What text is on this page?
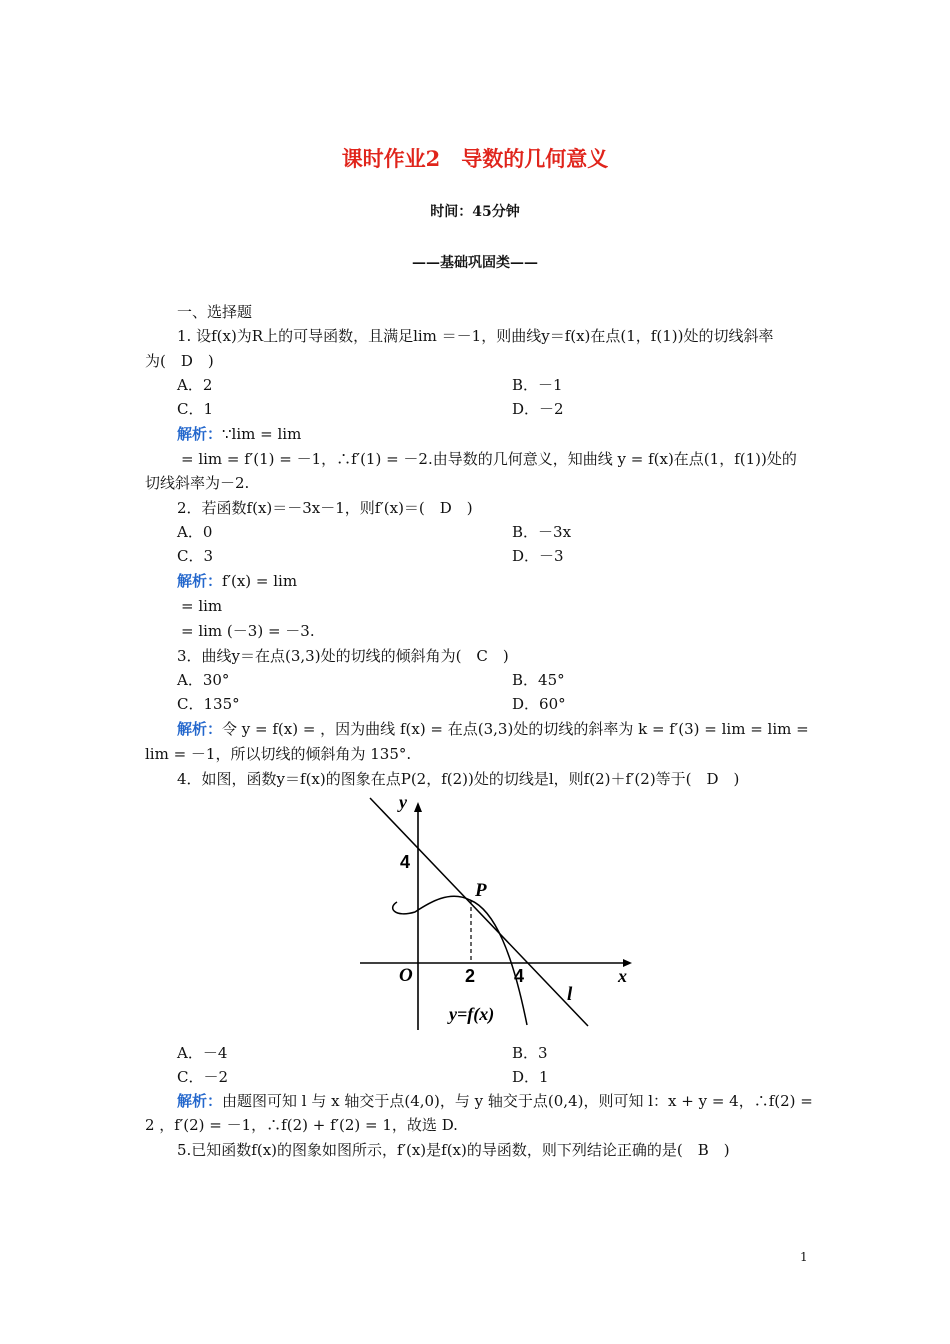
课时作业2　导数的几何意义
时间：45分钟
——基础巩固类——
一、选择题
1. 设f(x)为R上的可导函数，且满足lim ＝－1，则曲线y＝f(x)在点(1，f(1))处的切线斜率
为(　D　)
A．2	B．－1
C．1	D．－2
解析：∵lim = lim
= lim = f′(1) = －1，∴f′(1) = －2.由导数的几何意义，知曲线 y = f(x)在点(1，f(1))处的
切线斜率为－2.
2．若函数f(x)＝－3x－1，则f′(x)＝(　D　)
A．0	B．－3x
C．3	D．－3
解析：f′(x) = lim
= lim
= lim (－3) = －3.
3．曲线y＝在点(3,3)处的切线的倾斜角为(　C　)
A．30°	B．45°
C．135°	D．60°
解析：令 y = f(x) = ，因为曲线 f(x) = 在点(3,3)处的切线的斜率为 k = f′(3) = lim = lim =
lim = －1，所以切线的倾斜角为 135°.
4．如图，函数y＝f(x)的图象在点P(2，f(2))处的切线是l，则f(2)＋f′(2)等于(　D　)
y
x
O
4
2 4
P
l
y=f(x)
A．－4	B．3
C．－2	D．1
解析：由题图可知 l 与 x 轴交于点(4,0)，与 y 轴交于点(0,4)，则可知 l：x + y = 4，∴f(2) =
2 ，f′(2) = －1，∴f(2) + f′(2) = 1，故选 D.
5.已知函数f(x)的图象如图所示，f′(x)是f(x)的导函数，则下列结论正确的是(　B　)
1
